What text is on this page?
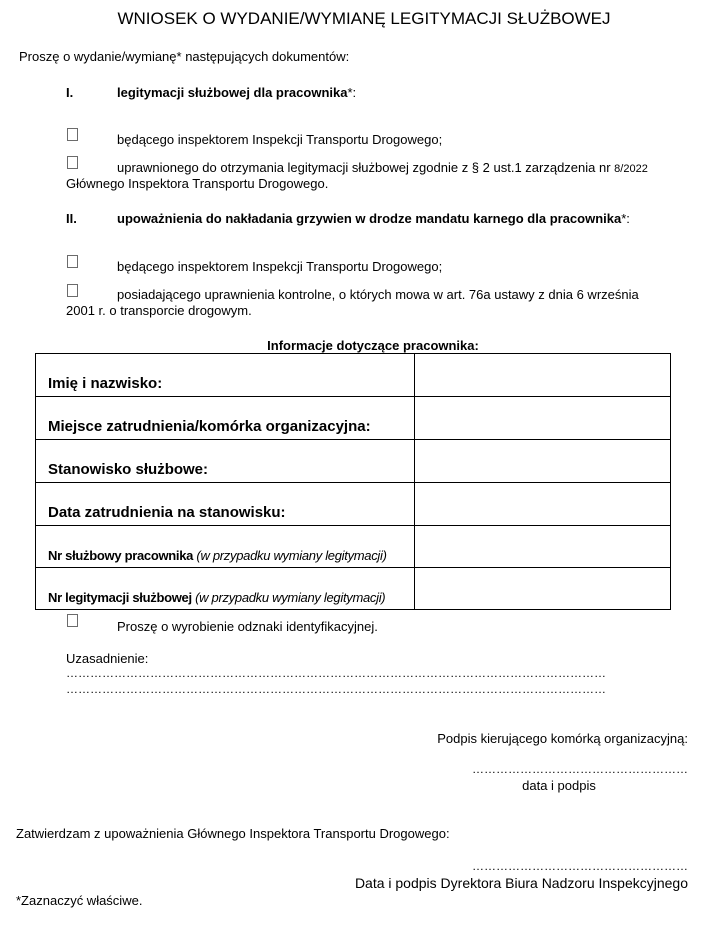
WNIOSEK O WYDANIE/WYMIANĘ LEGITYMACJI SŁUŻBOWEJ
Proszę o wydanie/wymianę* następujących dokumentów:
I.	legitymacji służbowej dla pracownika*:
będącego inspektorem Inspekcji Transportu Drogowego;
uprawnionego do otrzymania legitymacji służbowej zgodnie z § 2 ust.1 zarządzenia nr 8/2022
Głównego Inspektora Transportu Drogowego.
II.	upoważnienia do nakładania grzywien w drodze mandatu karnego dla pracownika*:
będącego inspektorem Inspekcji Transportu Drogowego;
posiadającego uprawnienia kontrolne, o których mowa w art. 76a ustawy z dnia 6 września
2001 r. o transporcie drogowym.
Informacje dotyczące pracownika:
Imię i nazwisko:	
Miejsce zatrudnienia/komórka organizacyjna:	
Stanowisko służbowe:	
Data zatrudnienia na stanowisku:	
Nr służbowy pracownika (w przypadku wymiany legitymacji)	
Nr legitymacji służbowej (w przypadku wymiany legitymacji)	
Proszę o wyrobienie odznaki identyfikacyjnej.
Uzasadnienie:
………………………………………………………………………………………………………………………
………………………………………………………………………………………………………………………
Podpis kierującego komórką organizacyjną:
………………………………………………
data i podpis
Zatwierdzam z upoważnienia Głównego Inspektora Transportu Drogowego:
………………………………………………
Data i podpis Dyrektora Biura Nadzoru Inspekcyjnego
*Zaznaczyć właściwe.
